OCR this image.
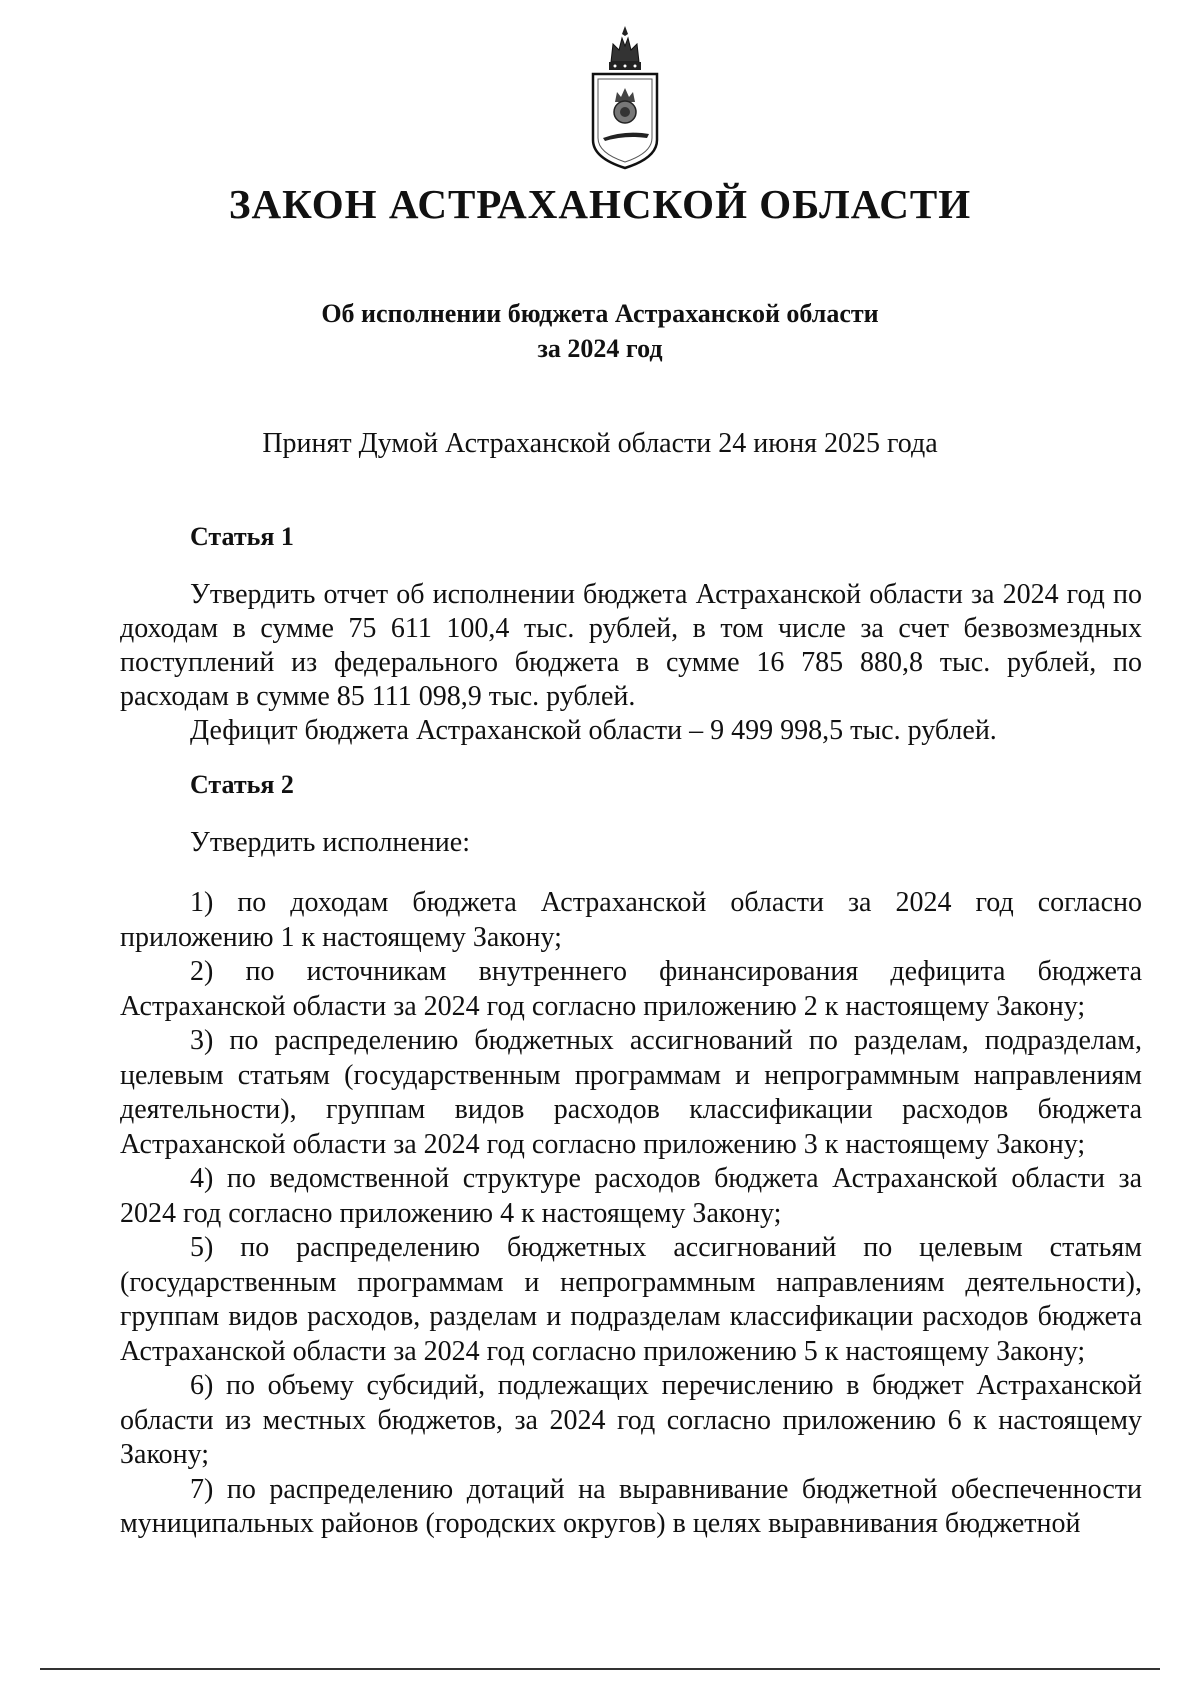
ЗАКОН АСТРАХАНСКОЙ ОБЛАСТИ

Об исполнении бюджета Астраханской области
за 2024 год

Принят Думой Астраханской области 24 июня 2025 года

Статья 1

Утвердить отчет об исполнении бюджета Астраханской области за 2024 год по доходам в сумме 75 611 100,4 тыс. рублей, в том числе за счет безвозмездных поступлений из федерального бюджета в сумме 16 785 880,8 тыс. рублей, по расходам в сумме 85 111 098,9 тыс. рублей.

Дефицит бюджета Астраханской области – 9 499 998,5 тыс. рублей.

Статья 2

Утвердить исполнение:

1) по доходам бюджета Астраханской области за 2024 год согласно приложению 1 к настоящему Закону;

2) по источникам внутреннего финансирования дефицита бюджета Астраханской области за 2024 год согласно приложению 2 к настоящему Закону;

3) по распределению бюджетных ассигнований по разделам, подразделам, целевым статьям (государственным программам и непрограммным направлениям деятельности), группам видов расходов классификации расходов бюджета Астраханской области за 2024 год согласно приложению 3 к настоящему Закону;

4) по ведомственной структуре расходов бюджета Астраханской области за 2024 год согласно приложению 4 к настоящему Закону;

5) по распределению бюджетных ассигнований по целевым статьям (государственным программам и непрограммным направлениям деятельности), группам видов расходов, разделам и подразделам классификации расходов бюджета Астраханской области за 2024 год согласно приложению 5 к настоящему Закону;

6) по объему субсидий, подлежащих перечислению в бюджет Астраханской области из местных бюджетов, за 2024 год согласно приложению 6 к настоящему Закону;

7) по распределению дотаций на выравнивание бюджетной обеспеченности муниципальных районов (городских округов) в целях выравнивания бюджетной
